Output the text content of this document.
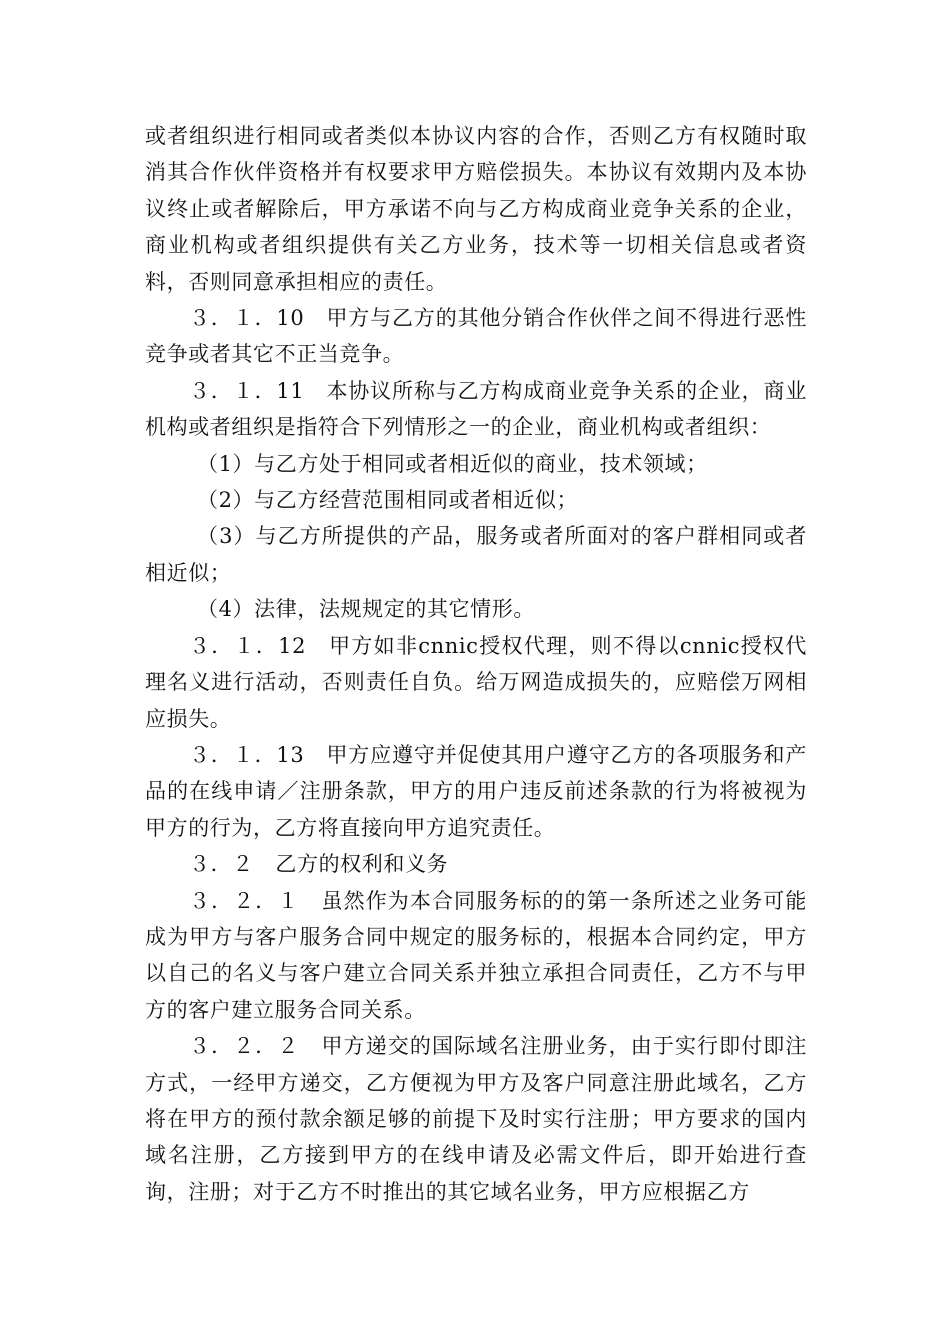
或者组织进行相同或者类似本协议内容的合作，否则乙方有权随时取消其合作伙伴资格并有权要求甲方赔偿损失。本协议有效期内及本协议终止或者解除后，甲方承诺不向与乙方构成商业竞争关系的企业，商业机构或者组织提供有关乙方业务，技术等一切相关信息或者资料，否则同意承担相应的责任。

３．１．10　甲方与乙方的其他分销合作伙伴之间不得进行恶性竞争或者其它不正当竞争。

３．１．11　本协议所称与乙方构成商业竞争关系的企业，商业机构或者组织是指符合下列情形之一的企业，商业机构或者组织：

（1）与乙方处于相同或者相近似的商业，技术领域；

（2）与乙方经营范围相同或者相近似；

（3）与乙方所提供的产品，服务或者所面对的客户群相同或者相近似；

（4）法律，法规规定的其它情形。

３．１．12　甲方如非cnnic授权代理，则不得以cnnic授权代理名义进行活动，否则责任自负。给万网造成损失的，应赔偿万网相应损失。

３．１．13　甲方应遵守并促使其用户遵守乙方的各项服务和产品的在线申请／注册条款，甲方的用户违反前述条款的行为将被视为甲方的行为，乙方将直接向甲方追究责任。

３．２　乙方的权利和义务

３．２．１　虽然作为本合同服务标的的第一条所述之业务可能成为甲方与客户服务合同中规定的服务标的，根据本合同约定，甲方以自己的名义与客户建立合同关系并独立承担合同责任，乙方不与甲方的客户建立服务合同关系。

３．２．２　甲方递交的国际域名注册业务，由于实行即付即注方式，一经甲方递交，乙方便视为甲方及客户同意注册此域名，乙方将在甲方的预付款余额足够的前提下及时实行注册；甲方要求的国内域名注册，乙方接到甲方的在线申请及必需文件后，即开始进行查询，注册；对于乙方不时推出的其它域名业务，甲方应根据乙方
